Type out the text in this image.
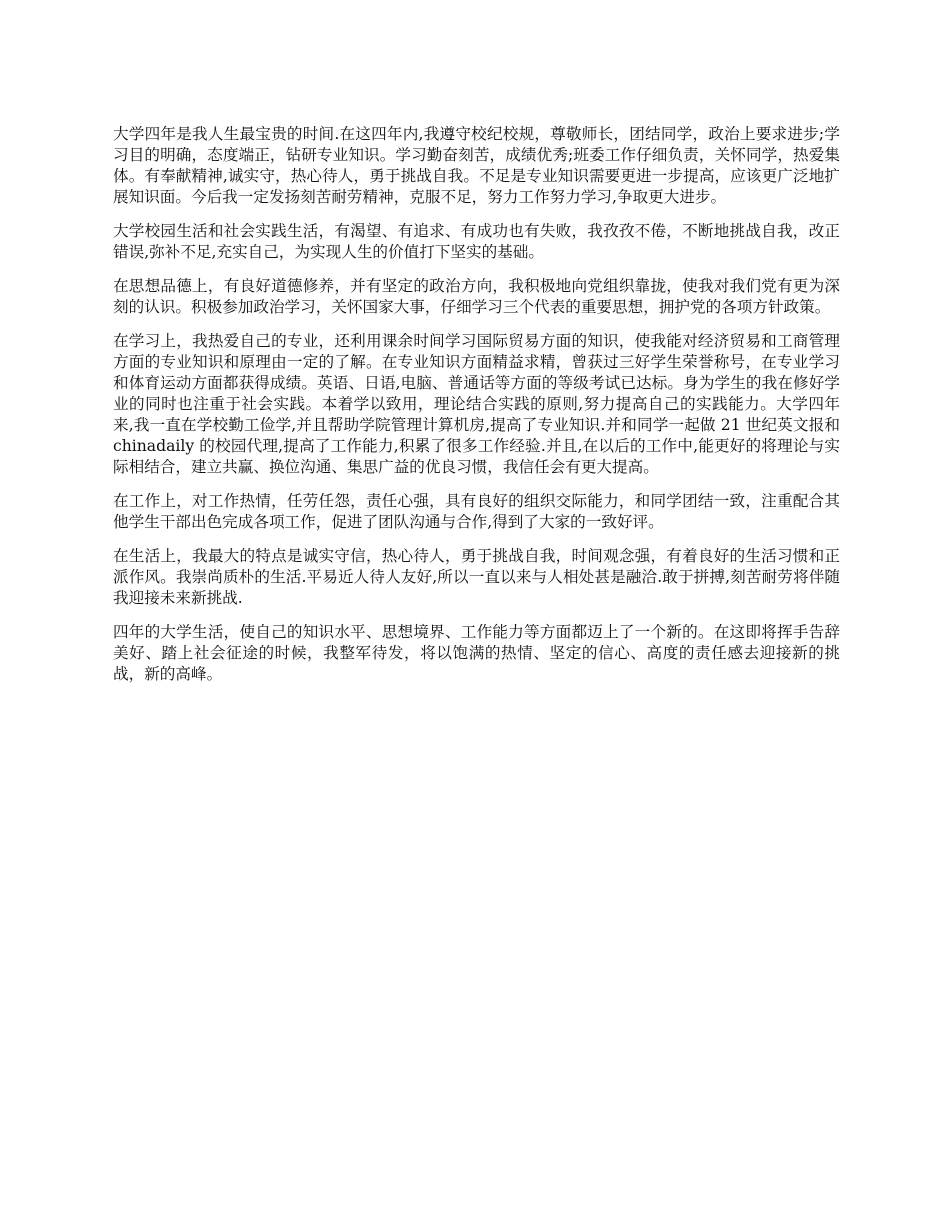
大学四年是我人生最宝贵的时间.在这四年内,我遵守校纪校规，尊敬师长，团结同学，政治上要求进步;学习目的明确，态度端正，钻研专业知识。学习勤奋刻苦，成绩优秀;班委工作仔细负责，关怀同学，热爱集体。有奉献精神,诚实守，热心待人，勇于挑战自我。不足是专业知识需要更进一步提高，应该更广泛地扩展知识面。今后我一定发扬刻苦耐劳精神，克服不足，努力工作努力学习,争取更大进步。

大学校园生活和社会实践生活，有渴望、有追求、有成功也有失败，我孜孜不倦，不断地挑战自我，改正错误,弥补不足,充实自己，为实现人生的价值打下坚实的基础。

在思想品德上，有良好道德修养，并有坚定的政治方向，我积极地向党组织靠拢，使我对我们党有更为深刻的认识。积极参加政治学习，关怀国家大事，仔细学习三个代表的重要思想，拥护党的各项方针政策。

在学习上，我热爱自己的专业，还利用课余时间学习国际贸易方面的知识，使我能对经济贸易和工商管理方面的专业知识和原理由一定的了解。在专业知识方面精益求精，曾获过三好学生荣誉称号，在专业学习和体育运动方面都获得成绩。英语、日语,电脑、普通话等方面的等级考试已达标。身为学生的我在修好学业的同时也注重于社会实践。本着学以致用，理论结合实践的原则,努力提高自己的实践能力。大学四年来,我一直在学校勤工俭学,并且帮助学院管理计算机房,提高了专业知识.并和同学一起做 21 世纪英文报和chinadaily 的校园代理,提高了工作能力,积累了很多工作经验.并且,在以后的工作中,能更好的将理论与实际相结合，建立共赢、换位沟通、集思广益的优良习惯，我信任会有更大提高。

在工作上，对工作热情，任劳任怨，责任心强，具有良好的组织交际能力，和同学团结一致，注重配合其他学生干部出色完成各项工作，促进了团队沟通与合作,得到了大家的一致好评。

在生活上，我最大的特点是诚实守信，热心待人，勇于挑战自我，时间观念强，有着良好的生活习惯和正派作风。我崇尚质朴的生活.平易近人待人友好,所以一直以来与人相处甚是融洽.敢于拼搏,刻苦耐劳将伴随我迎接未来新挑战.

四年的大学生活，使自己的知识水平、思想境界、工作能力等方面都迈上了一个新的。在这即将挥手告辞美好、踏上社会征途的时候，我整军待发，将以饱满的热情、坚定的信心、高度的责任感去迎接新的挑战，新的高峰。
